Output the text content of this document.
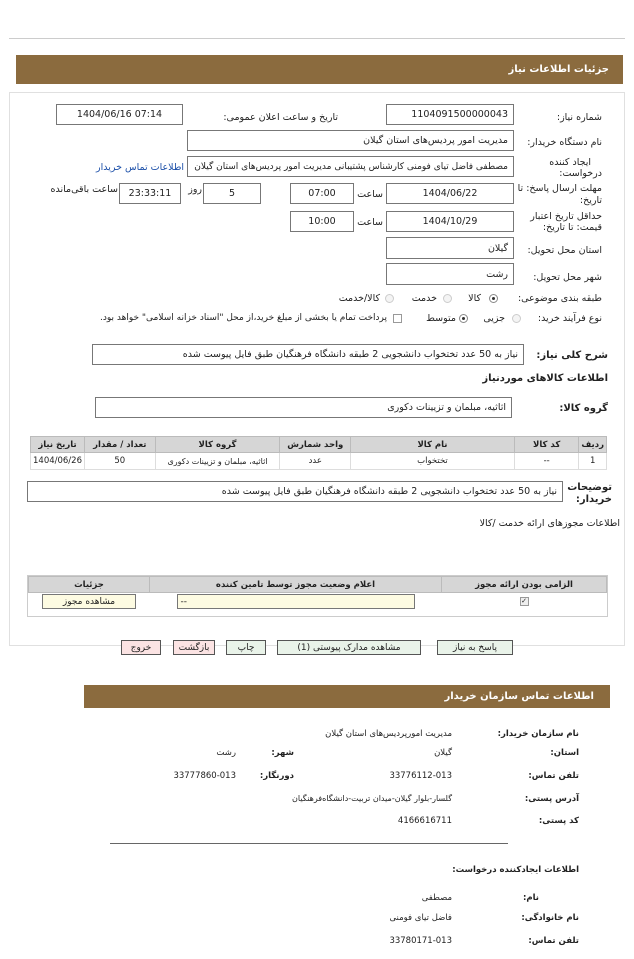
جزئیات اطلاعات نیاز
شماره نیاز:
1104091500000043
تاریخ و ساعت اعلان عمومی:
1404/06/16 07:14
نام دستگاه خریدار:
مدیریت امور پردیس‌های استان گیلان
ایجاد کننده
درخواست:
مصطفی فاضل تیای فومنی کارشناس پشتیبانی مدیریت امور پردیس‌های استان گیلان
اطلاعات تماس خریدار
مهلت ارسال پاسخ: تا
تاریخ:
1404/06/22
ساعت
07:00
5
روز
23:33:11
ساعت باقی‌مانده
حداقل تاریخ اعتبار
قیمت: تا تاریخ:
1404/10/29
ساعت
10:00
استان محل تحویل:
گیلان
شهر محل تحویل:
رشت
طبقه بندی موضوعی:
کالا
خدمت
کالا/خدمت
نوع فرآیند خرید:
جزیی
متوسط
پرداخت تمام یا بخشی از مبلغ خرید،از محل "اسناد خزانه اسلامی" خواهد بود.
شرح کلی نیاز:
نیاز به 50 عدد تختخواب دانشجویی 2 طبقه دانشگاه فرهنگیان طبق فایل پیوست شده
اطلاعات کالاهای موردنیاز
گروه کالا:
اثاثیه، مبلمان و تزیینات دکوری
ردیف	کد کالا	نام کالا	واحد شمارش	گروه کالا	تعداد / مقدار	تاریخ نیاز
1	--	تختخواب	عدد	اثاثیه، مبلمان و تزیینات دکوری	50	1404/06/26
توضیحات
خریدار:
نیاز به 50 عدد تختخواب دانشجویی 2 طبقه دانشگاه فرهنگیان طبق فایل پیوست شده
اطلاعات مجوزهای ارائه خدمت /کالا
الزامی بودن ارائه مجوز	اعلام وضعیت مجوز توسط تامین کننده	جزئیات
✓	--	مشاهده مجوز
پاسخ به نیاز
مشاهده مدارک پیوستی (1)
چاپ
بازگشت
خروج
اطلاعات تماس سازمان خریدار
نام سازمان خریدار:
مدیریت امورپردیس‌های استان گیلان
استان:
گیلان
شهر:
رشت
تلفن تماس:
33776112-013
دورنگار:
33777860-013
آدرس پستی:
گلسار-بلوار گیلان-میدان تربیت-دانشگاه‌فرهنگیان
کد پستی:
4166616711
اطلاعات ایجادکننده درخواست:
نام:
مصطفی
نام خانوادگی:
فاضل تیای فومنی
تلفن تماس:
33780171-013
